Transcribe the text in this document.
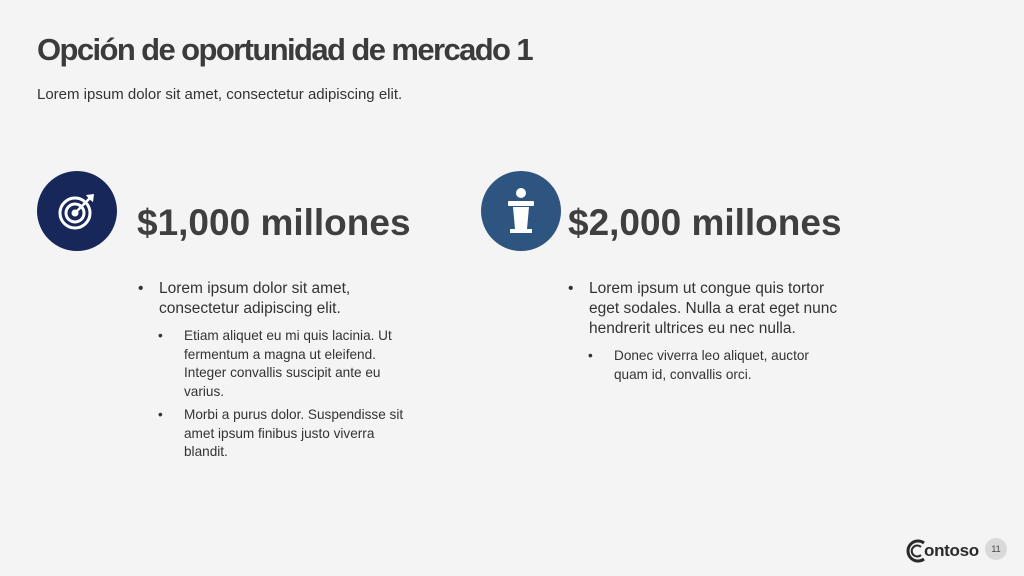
Opción de oportunidad de mercado 1
Lorem ipsum dolor sit amet, consectetur adipiscing elit.
$1,000 millones
• Lorem ipsum dolor sit amet, consectetur adipiscing elit.
• Etiam aliquet eu mi quis lacinia. Ut fermentum a magna ut eleifend. Integer convallis suscipit ante eu varius.
• Morbi a purus dolor. Suspendisse sit amet ipsum finibus justo viverra blandit.
$2,000 millones
• Lorem ipsum ut congue quis tortor eget sodales. Nulla a erat eget nunc hendrerit ultrices eu nec nulla.
• Donec viverra leo aliquet, auctor quam id, convallis orci.
ontoso	11
